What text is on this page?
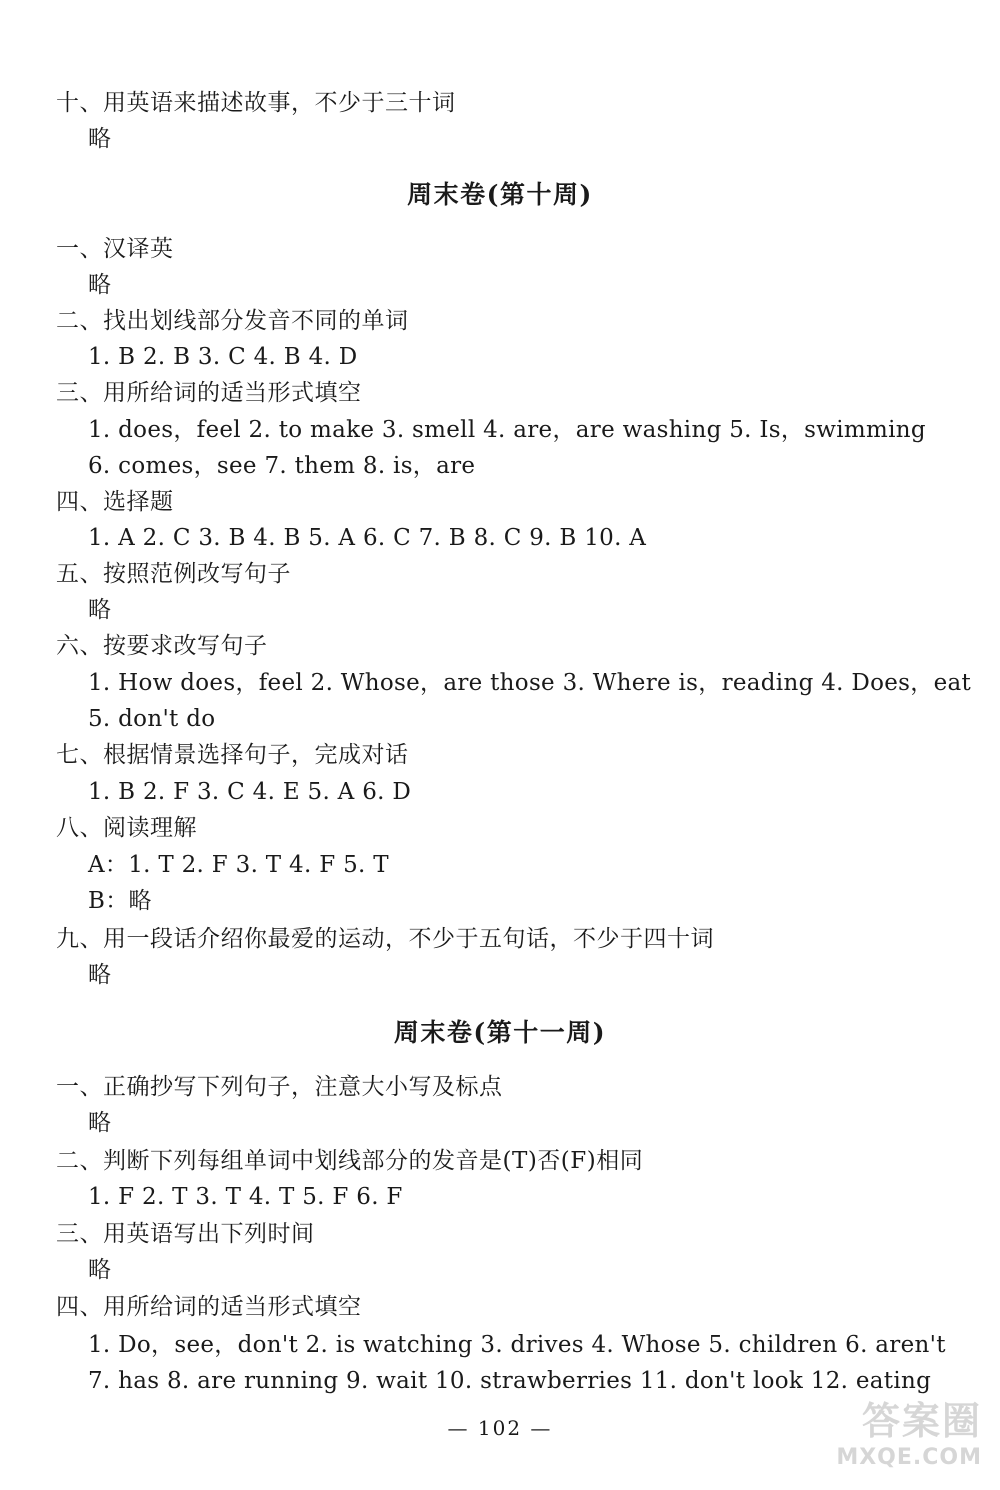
十、用英语来描述故事，不少于三十词

略

周末卷(第十周)

一、汉译英

略

二、找出划线部分发音不同的单词

1. B 2. B 3. C 4. B 4. D

三、用所给词的适当形式填空

1. does，feel 2. to make 3. smell 4. are，are washing 5. Is，swimming

6. comes，see 7. them 8. is，are

四、选择题

1. A 2. C 3. B 4. B 5. A 6. C 7. B 8. C 9. B 10. A

五、按照范例改写句子

略

六、按要求改写句子

1. How does，feel 2. Whose，are those 3. Where is，reading 4. Does，eat

5. don't do

七、根据情景选择句子，完成对话

1. B 2. F 3. C 4. E 5. A 6. D

八、阅读理解

A：1. T 2. F 3. T 4. F 5. T

B：略

九、用一段话介绍你最爱的运动，不少于五句话，不少于四十词

略

周末卷(第十一周)

一、正确抄写下列句子，注意大小写及标点

略

二、判断下列每组单词中划线部分的发音是(T)否(F)相同

1. F 2. T 3. T 4. T 5. F 6. F

三、用英语写出下列时间

略

四、用所给词的适当形式填空

1. Do，see，don't 2. is watching 3. drives 4. Whose 5. children 6. aren't

7. has 8. are running 9. wait 10. strawberries 11. don't look 12. eating

— 102 —	答案圈
MXQE.COM
